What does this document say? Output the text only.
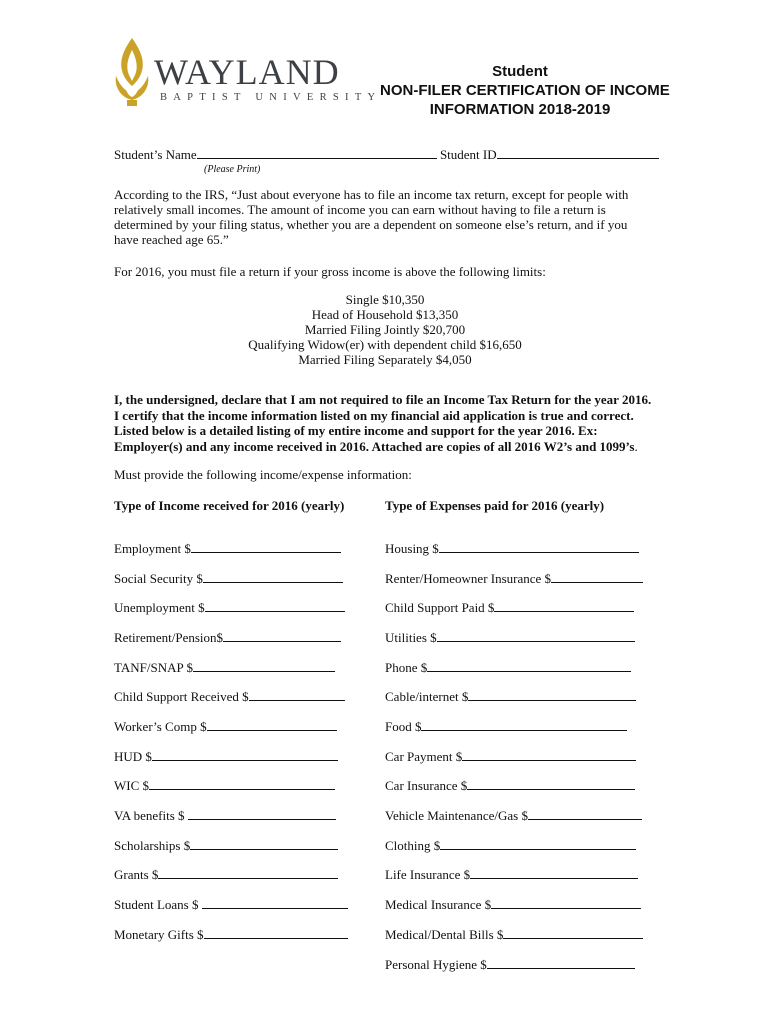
WAYLAND
BAPTIST UNIVERSITY
Student
NON-FILER CERTIFICATION OF INCOME
INFORMATION 2018-2019
Student’s Name	Student ID
(Please Print)
According to the IRS, “Just about everyone has to file an income tax return, except for people with relatively small incomes. The amount of income you can earn without having to file a return is determined by your filing status, whether you are a dependent on someone else’s return, and if you have reached age 65.”
For 2016, you must file a return if your gross income is above the following limits:
Single $10,350
Head of Household $13,350
Married Filing Jointly $20,700
Qualifying Widow(er) with dependent child $16,650
Married Filing Separately $4,050
I, the undersigned, declare that I am not required to file an Income Tax Return for the year 2016. I certify that the income information listed on my financial aid application is true and correct. Listed below is a detailed listing of my entire income and support for the year 2016. Ex: Employer(s) and any income received in 2016. Attached are copies of all 2016 W2’s and 1099’s.
Must provide the following income/expense information:
Type of Income received for 2016 (yearly)	Type of Expenses paid for 2016 (yearly)
Employment $
Social Security $
Unemployment $
Retirement/Pension$
TANF/SNAP $
Child Support Received $
Worker’s Comp $
HUD $
WIC $
VA benefits $
Scholarships $
Grants $
Student Loans $
Monetary Gifts $
Housing $
Renter/Homeowner Insurance $
Child Support Paid $
Utilities $
Phone $
Cable/internet $
Food $
Car Payment $
Car Insurance $
Vehicle Maintenance/Gas $
Clothing $
Life Insurance $
Medical Insurance $
Medical/Dental Bills $
Personal Hygiene $
